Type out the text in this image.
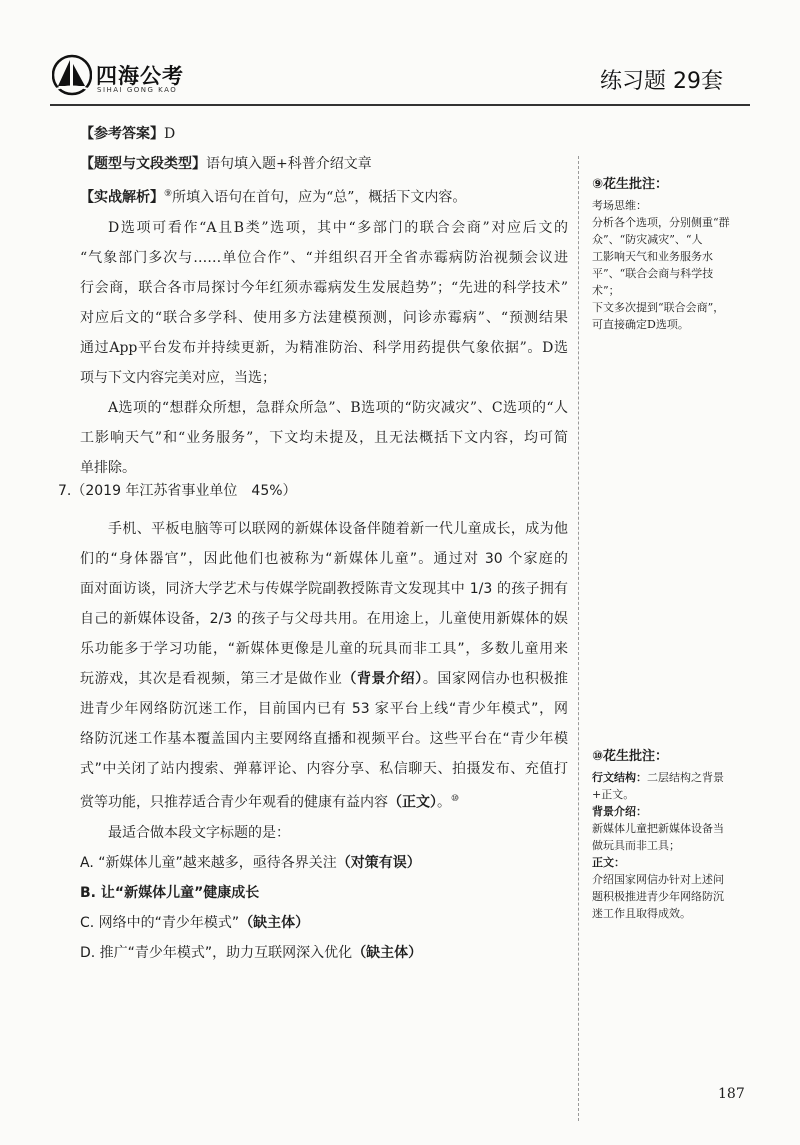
四海公考
SIHAI GONG KAO	练习题 29套
【参考答案】D
【题型与文段类型】语句填入题+科普介绍文章
【实战解析】⑨所填入语句在首句，应为“总”，概括下文内容。
D选项可看作“A且B类”选项，其中“多部门的联合会商”对应后文的
“气象部门多次与……单位合作”、“并组织召开全省赤霉病防治视频会议进
行会商，联合各市局探讨今年红须赤霉病发生发展趋势”；“先进的科学技术”
对应后文的“联合多学科、使用多方法建模预测，问诊赤霉病”、“预测结果
通过App平台发布并持续更新，为精准防治、科学用药提供气象依据”。D选
项与下文内容完美对应，当选；
A选项的“想群众所想，急群众所急”、B选项的“防灾减灾”、C选项的“人
工影响天气”和“业务服务”，下文均未提及，且无法概括下文内容，均可简
单排除。
7.（2019 年江苏省事业单位　45%）
手机、平板电脑等可以联网的新媒体设备伴随着新一代儿童成长，成为他
们的“身体器官”，因此他们也被称为“新媒体儿童”。通过对 30 个家庭的
面对面访谈，同济大学艺术与传媒学院副教授陈青文发现其中 1/3 的孩子拥有
自己的新媒体设备，2/3 的孩子与父母共用。在用途上，儿童使用新媒体的娱
乐功能多于学习功能，“新媒体更像是儿童的玩具而非工具”，多数儿童用来
玩游戏，其次是看视频，第三才是做作业（背景介绍）。国家网信办也积极推
进青少年网络防沉迷工作，目前国内已有 53 家平台上线“青少年模式”，网
络防沉迷工作基本覆盖国内主要网络直播和视频平台。这些平台在“青少年模
式”中关闭了站内搜索、弹幕评论、内容分享、私信聊天、拍摄发布、充值打
赏等功能，只推荐适合青少年观看的健康有益内容（正文）。⑩
最适合做本段文字标题的是：
A. “新媒体儿童”越来越多，亟待各界关注（对策有误）
B. 让“新媒体儿童”健康成长
C. 网络中的“青少年模式”（缺主体）
D. 推广“青少年模式”，助力互联网深入优化（缺主体）
⑨花生批注：
考场思维：
分析各个选项，分别侧重“群
众”、“防灾减灾”、“人
工影响天气和业务服务水
平”、“联合会商与科学技
术”；
下文多次提到“联合会商”，
可直接确定D选项。
⑩花生批注：
行文结构：二层结构之背景
+正文。
背景介绍：
新媒体儿童把新媒体设备当
做玩具而非工具；
正文：
介绍国家网信办针对上述问
题积极推进青少年网络防沉
迷工作且取得成效。
187
